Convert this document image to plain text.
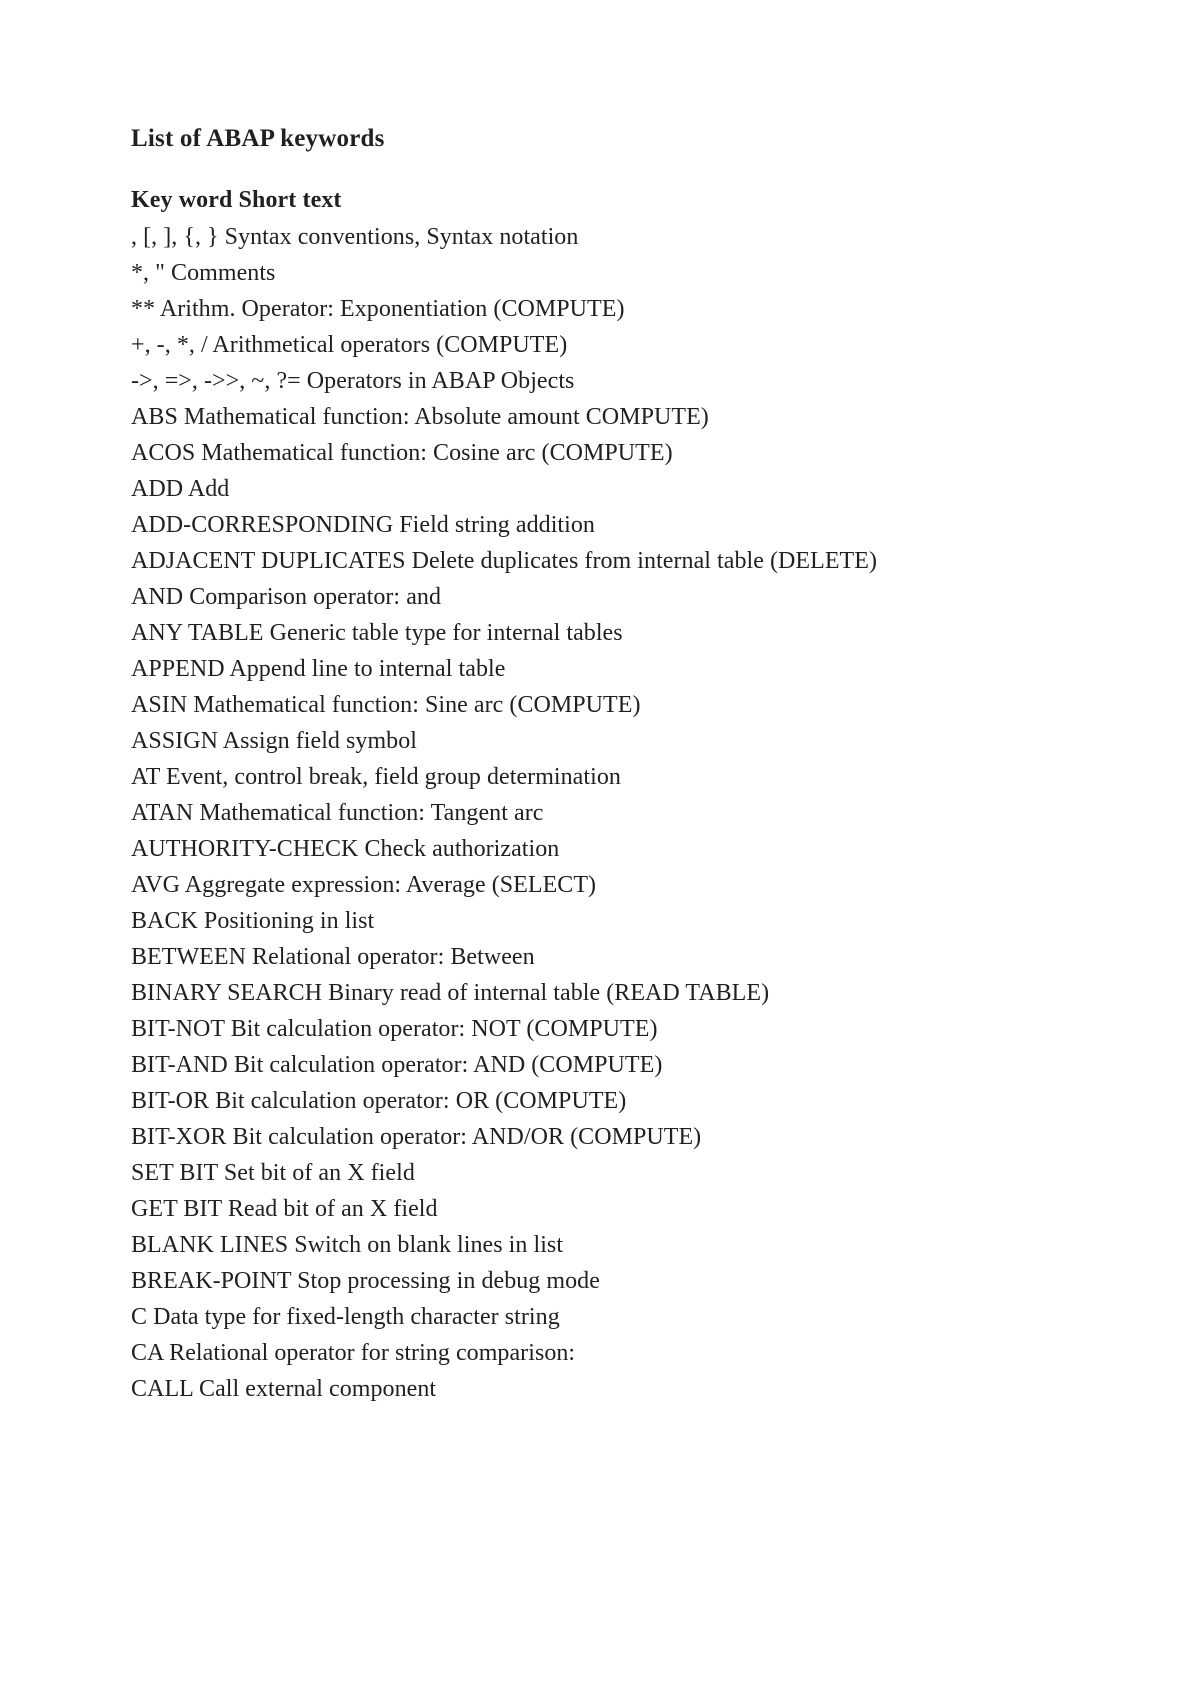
List of ABAP keywords
Key word Short text
, [, ], {, } Syntax conventions, Syntax notation
*, " Comments
** Arithm. Operator: Exponentiation (COMPUTE)
+, -, *, / Arithmetical operators (COMPUTE)
->, =>, ->>, ~, ?= Operators in ABAP Objects
ABS Mathematical function: Absolute amount COMPUTE)
ACOS Mathematical function: Cosine arc (COMPUTE)
ADD Add
ADD-CORRESPONDING Field string addition
ADJACENT DUPLICATES Delete duplicates from internal table (DELETE)
AND Comparison operator: and
ANY TABLE Generic table type for internal tables
APPEND Append line to internal table
ASIN Mathematical function: Sine arc (COMPUTE)
ASSIGN Assign field symbol
AT Event, control break, field group determination
ATAN Mathematical function: Tangent arc
AUTHORITY-CHECK Check authorization
AVG Aggregate expression: Average (SELECT)
BACK Positioning in list
BETWEEN Relational operator: Between
BINARY SEARCH Binary read of internal table (READ TABLE)
BIT-NOT Bit calculation operator: NOT (COMPUTE)
BIT-AND Bit calculation operator: AND (COMPUTE)
BIT-OR Bit calculation operator: OR (COMPUTE)
BIT-XOR Bit calculation operator: AND/OR (COMPUTE)
SET BIT Set bit of an X field
GET BIT Read bit of an X field
BLANK LINES Switch on blank lines in list
BREAK-POINT Stop processing in debug mode
C Data type for fixed-length character string
CA Relational operator for string comparison:
CALL Call external component
